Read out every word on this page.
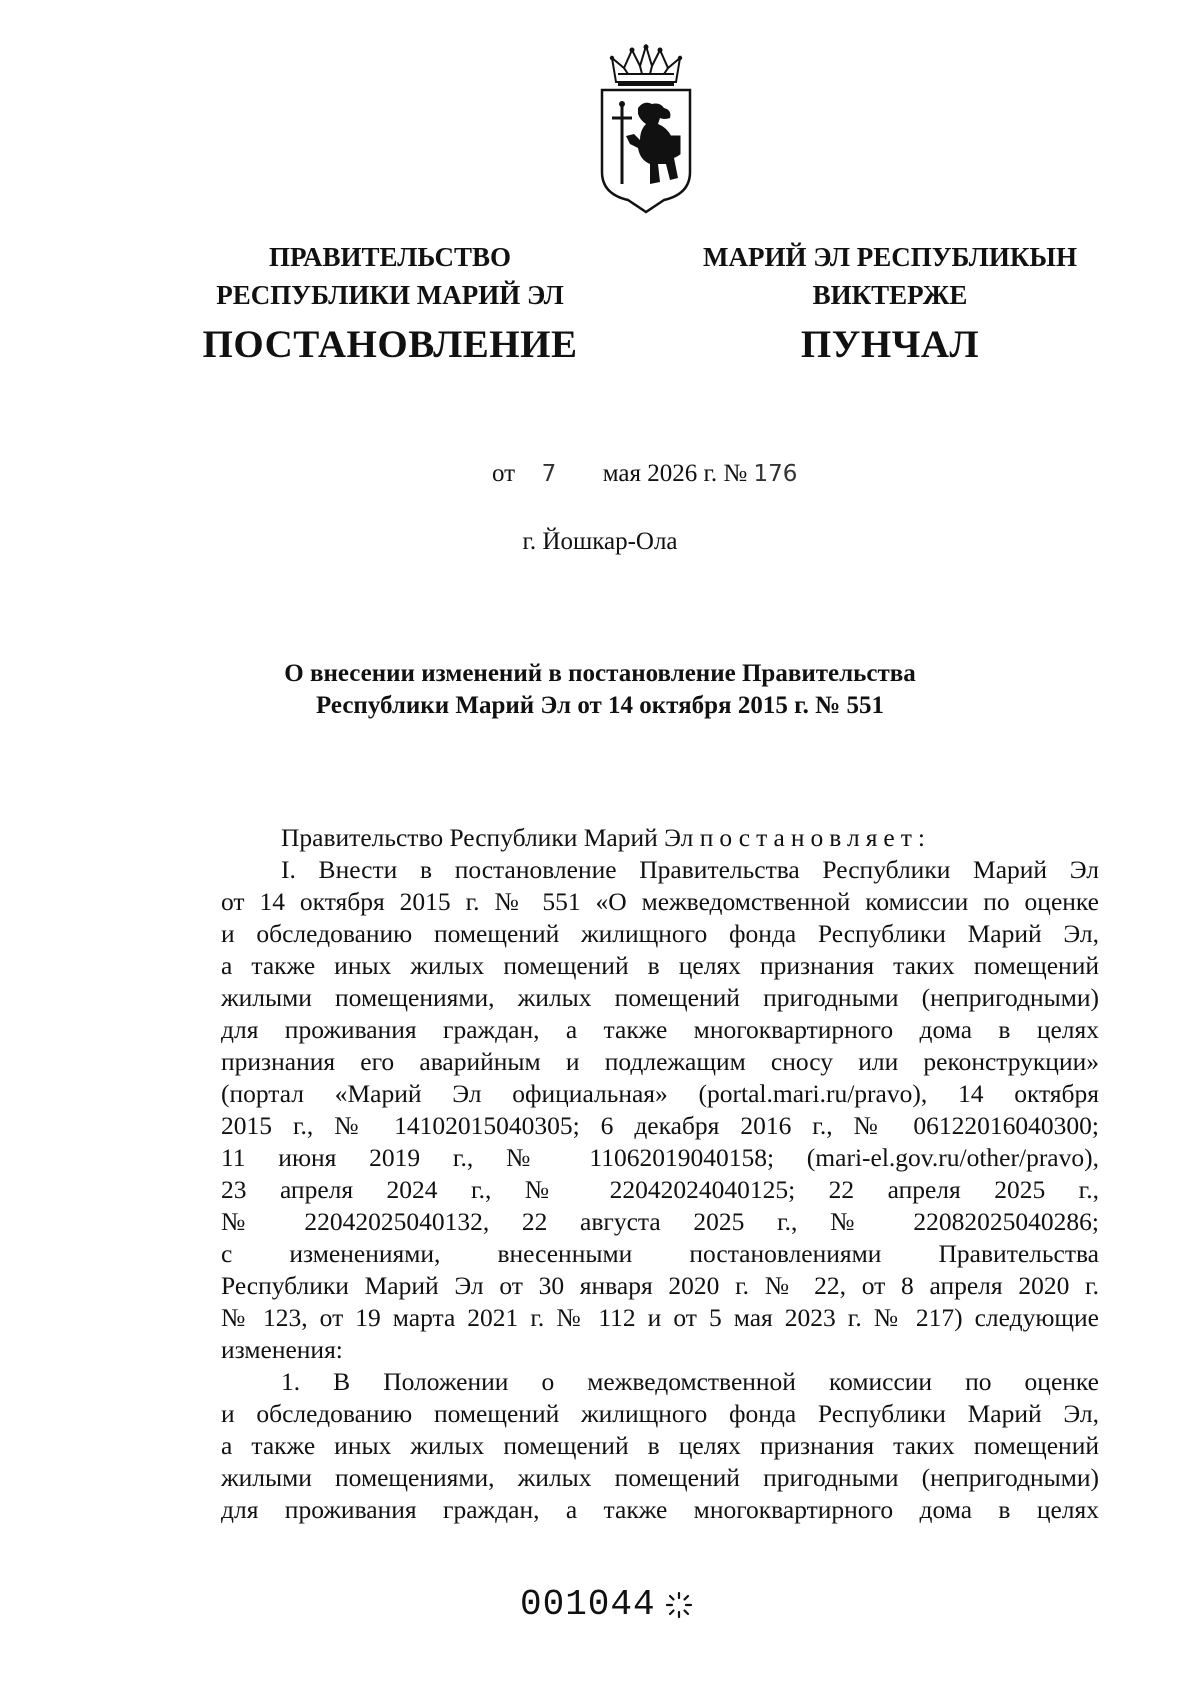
ПРАВИТЕЛЬСТВО
РЕСПУБЛИКИ МАРИЙ ЭЛ
МАРИЙ ЭЛ РЕСПУБЛИКЫН
ВИКТЕРЖЕ
ПОСТАНОВЛЕНИЕ	ПУНЧАЛ
от 7 мая 2026 г. № 176
г. Йошкар-Ола
О внесении изменений в постановление Правительства
Республики Марий Эл от 14 октября 2015 г. № 551

Правительство Республики Марий Эл постановляет:

I. Внести в постановление Правительства Республики Марий Эл

от 14 октября 2015 г. № 551 «О межведомственной комиссии по оценке

и обследованию помещений жилищного фонда Республики Марий Эл,

а также иных жилых помещений в целях признания таких помещений

жилыми помещениями, жилых помещений пригодными (непригодными)

для проживания граждан, а также многоквартирного дома в целях

признания его аварийным и подлежащим сносу или реконструкции»

(портал «Марий Эл официальная» (portal.mari.ru/pravo), 14 октября

2015 г., № 14102015040305; 6 декабря 2016 г., № 06122016040300;

11 июня 2019 г., № 11062019040158; (mari-el.gov.ru/other/pravo),

23 апреля 2024 г., № 22042024040125; 22 апреля 2025 г.,

№ 22042025040132, 22 августа 2025 г., № 22082025040286;

с изменениями, внесенными постановлениями Правительства

Республики Марий Эл от 30 января 2020 г. № 22, от 8 апреля 2020 г.

№ 123, от 19 марта 2021 г. № 112 и от 5 мая 2023 г. № 217) следующие

изменения:

1. В Положении о межведомственной комиссии по оценке

и обследованию помещений жилищного фонда Республики Марий Эл,

а также иных жилых помещений в целях признания таких помещений

жилыми помещениями, жилых помещений пригодными (непригодными)

для проживания граждан, а также многоквартирного дома в целях

001044
